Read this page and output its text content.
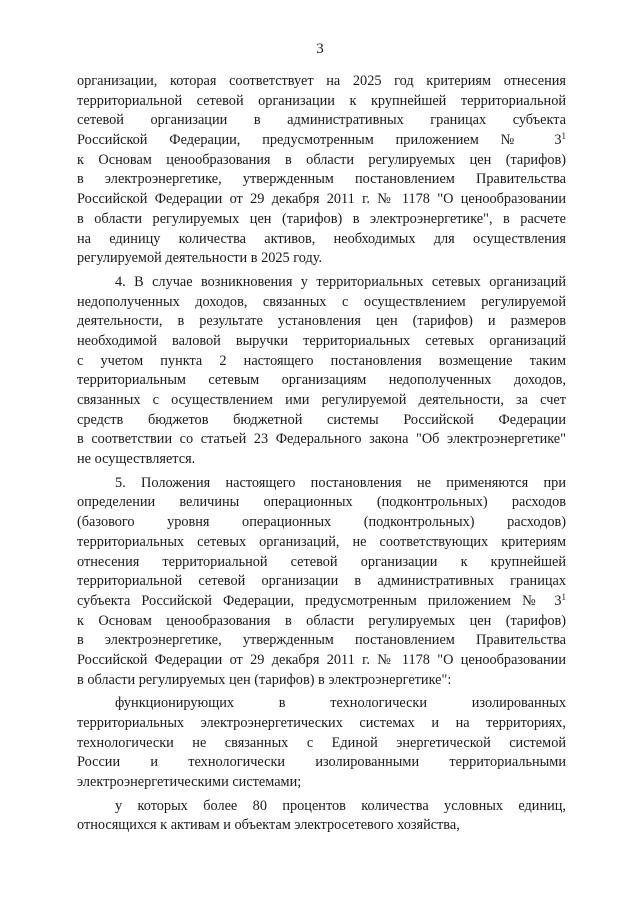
3
организации, которая соответствует на 2025 год критериям отнесения
территориальной сетевой организации к крупнейшей территориальной
сетевой организации в административных границах субъекта
Российской Федерации, предусмотренным приложением № $3^1$
к Основам ценообразования в области регулируемых цен (тарифов)
в электроэнергетике, утвержденным постановлением Правительства
Российской Федерации от 29 декабря 2011 г. № 1178 "О ценообразовании
в области регулируемых цен (тарифов) в электроэнергетике", в расчете
на единицу количества активов, необходимых для осуществления
регулируемой деятельности в 2025 году.
4. В случае возникновения у территориальных сетевых организаций
недополученных доходов, связанных с осуществлением регулируемой
деятельности, в результате установления цен (тарифов) и размеров
необходимой валовой выручки территориальных сетевых организаций
с учетом пункта 2 настоящего постановления возмещение таким
территориальным сетевым организациям недополученных доходов,
связанных с осуществлением ими регулируемой деятельности, за счет
средств бюджетов бюджетной системы Российской Федерации
в соответствии со статьей 23 Федерального закона "Об электроэнергетике"
не осуществляется.
5. Положения настоящего постановления не применяются при
определении величины операционных (подконтрольных) расходов
(базового уровня операционных (подконтрольных) расходов)
территориальных сетевых организаций, не соответствующих критериям
отнесения территориальной сетевой организации к крупнейшей
территориальной сетевой организации в административных границах
субъекта Российской Федерации, предусмотренным приложением № $3^1$
к Основам ценообразования в области регулируемых цен (тарифов)
в электроэнергетике, утвержденным постановлением Правительства
Российской Федерации от 29 декабря 2011 г. № 1178 "О ценообразовании
в области регулируемых цен (тарифов) в электроэнергетике":
функционирующих в технологически изолированных
территориальных электроэнергетических системах и на территориях,
технологически не связанных с Единой энергетической системой
России и технологически изолированными территориальными
электроэнергетическими системами;
у которых более 80 процентов количества условных единиц,
относящихся к активам и объектам электросетевого хозяйства,
